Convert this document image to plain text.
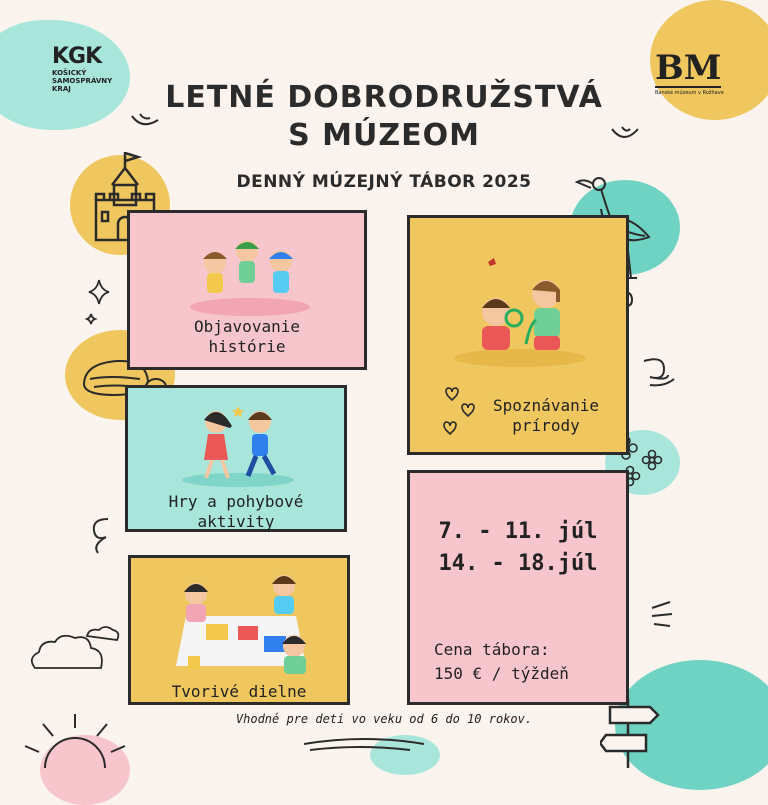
KGK
KOŠICKÝ
SAMOSPRÁVNY
KRAJ
BM
Banské múzeum v Rožňave
LETNÉ DOBRODRUŽSTVÁ
S MÚZEOM
DENNÝ MÚZEJNÝ TÁBOR 2025
Objavovanie
histórie
Spoznávanie
prírody
Hry a pohybové
aktivity
Tvorivé dielne
7. - 11. júl
14. - 18.júl
Cena tábora:
150 € / týždeň
Vhodné pre deti vo veku od 6 do 10 rokov.
